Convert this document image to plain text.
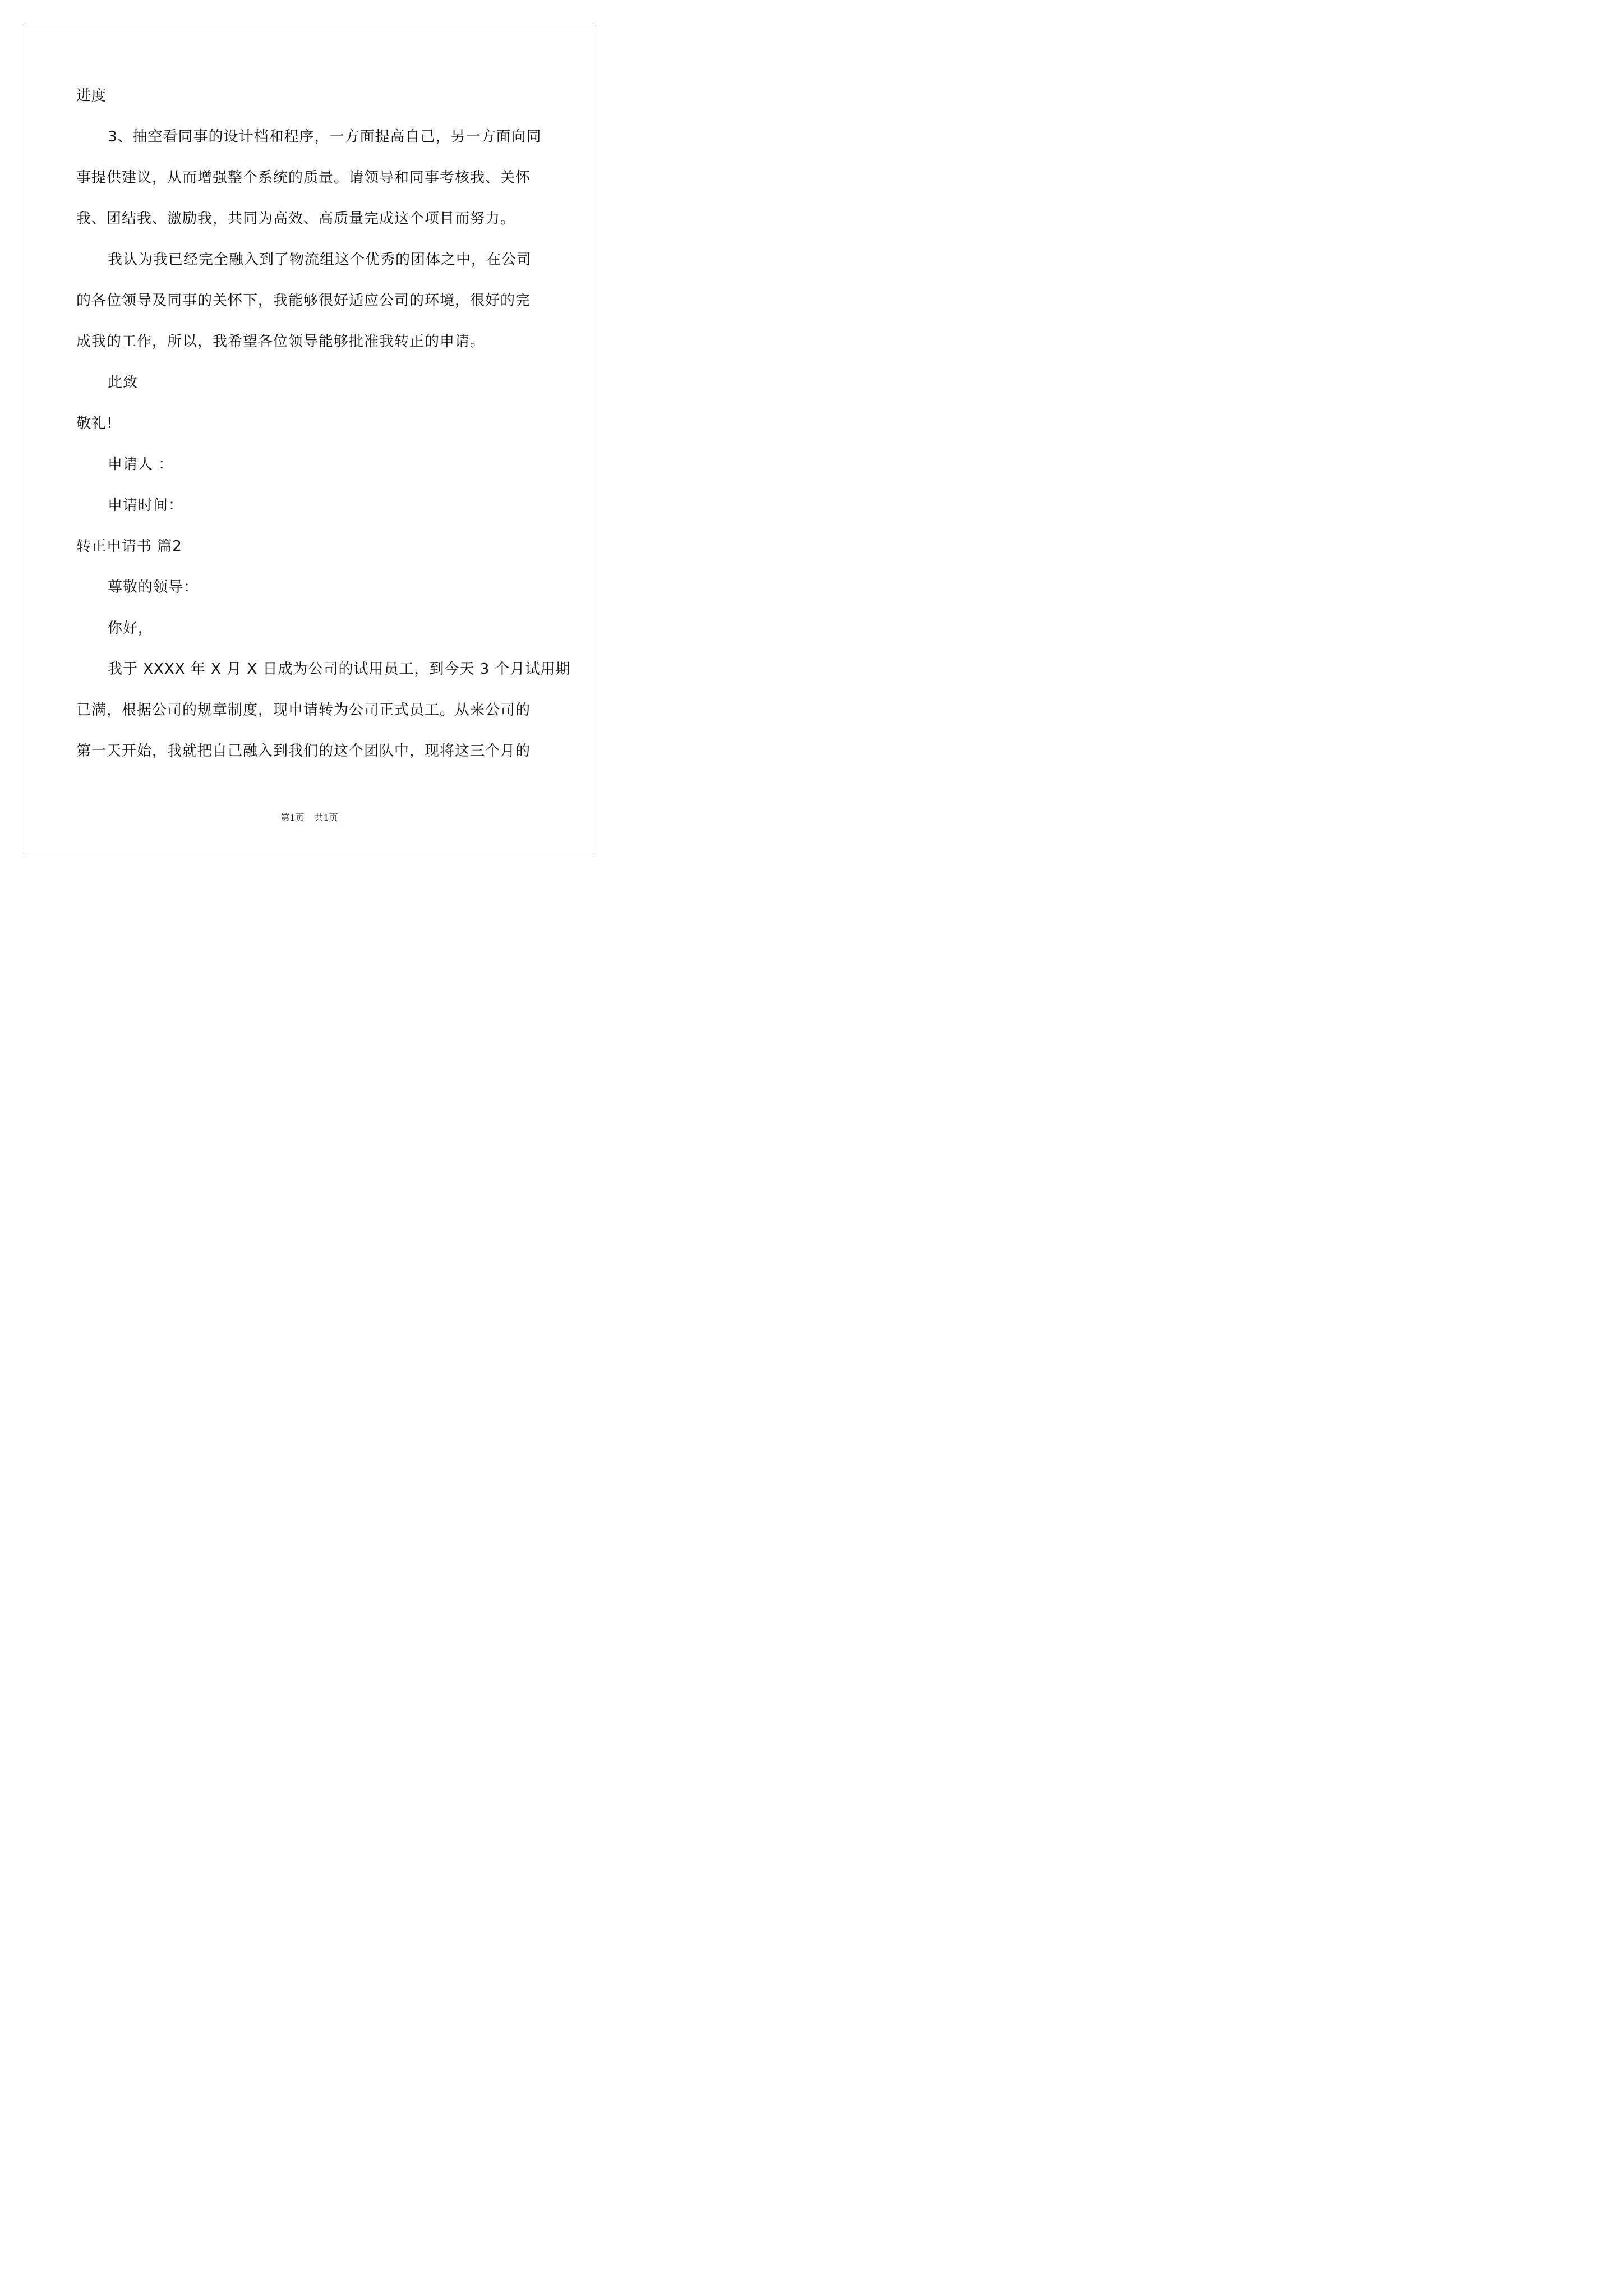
进度

3、抽空看同事的设计档和程序，一方面提高自己，另一方面向同

事提供建议，从而增强整个系统的质量。请领导和同事考核我、关怀

我、团结我、激励我，共同为高效、高质量完成这个项目而努力。

我认为我已经完全融入到了物流组这个优秀的团体之中，在公司

的各位领导及同事的关怀下，我能够很好适应公司的环境，很好的完

成我的工作，所以，我希望各位领导能够批准我转正的申请。

此致

敬礼!

申请人 ：

申请时间：

转正申请书 篇2

尊敬的领导：

你好，

我于 XXXX 年 X 月 X 日成为公司的试用员工，到今天 3 个月试用期

已满，根据公司的规章制度，现申请转为公司正式员工。从来公司的

第一天开始，我就把自己融入到我们的这个团队中，现将这三个月的

第1页 共1页
